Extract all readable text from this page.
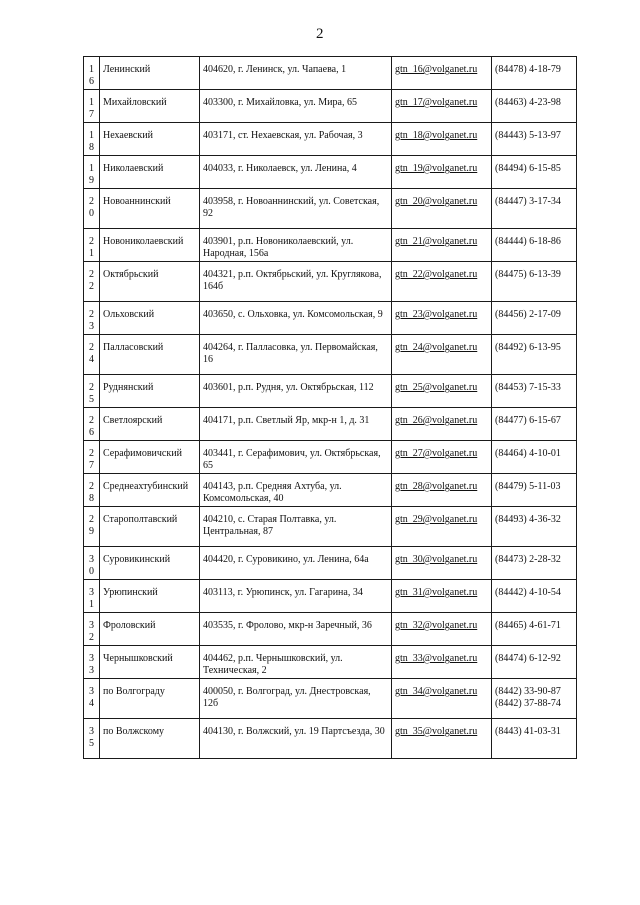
2
16	Ленинский	404620, г. Ленинск, ул. Чапаева, 1	gtn_16@volganet.ru	(84478) 4-18-79

17	Михайловский	403300, г. Михайловка, ул. Мира, 65	gtn_17@volganet.ru	(84463) 4-23-98

18	Нехаевский	403171, ст. Нехаевская, ул. Рабочая, 3	gtn_18@volganet.ru	(84443) 5-13-97

19	Николаевский	404033, г. Николаевск, ул. Ленина, 4	gtn_19@volganet.ru	(84494) 6-15-85

20	Новоаннинский	403958, г. Новоаннинский, ул. Советская, 92	gtn_20@volganet.ru	(84447) 3-17-34

21	Новониколаевский	403901, р.п. Новониколаевский, ул. Народная, 156а	gtn_21@volganet.ru	(84444) 6-18-86

22	Октябрьский	404321, р.п. Октябрьский, ул. Круглякова, 164б	gtn_22@volganet.ru	(84475) 6-13-39

23	Ольховский	403650, с. Ольховка, ул. Комсомольская, 9	gtn_23@volganet.ru	(84456) 2-17-09

24	Палласовский	404264, г. Палласовка, ул. Первомайская, 16	gtn_24@volganet.ru	(84492) 6-13-95

25	Руднянский	403601, р.п. Рудня, ул. Октябрьская, 112	gtn_25@volganet.ru	(84453) 7-15-33

26	Светлоярский	404171, р.п. Светлый Яр, мкр-н 1, д. 31	gtn_26@volganet.ru	(84477) 6-15-67

27	Серафимовичский	403441, г. Серафимович, ул. Октябрьская, 65	gtn_27@volganet.ru	(84464) 4-10-01

28	Среднеахтубинский	404143, р.п. Средняя Ахтуба, ул. Комсомольская, 40	gtn_28@volganet.ru	(84479) 5-11-03

29	Старополтавский	404210, с. Старая Полтавка, ул. Центральная, 87	gtn_29@volganet.ru	(84493) 4-36-32

30	Суровикинский	404420, г. Суровикино, ул. Ленина, 64а	gtn_30@volganet.ru	(84473) 2-28-32

31	Урюпинский	403113, г. Урюпинск, ул. Гагарина, 34	gtn_31@volganet.ru	(84442) 4-10-54

32	Фроловский	403535, г. Фролово, мкр-н Заречный, 36	gtn_32@volganet.ru	(84465) 4-61-71

33	Чернышковский	404462, р.п. Чернышковский, ул. Техническая, 2	gtn_33@volganet.ru	(84474) 6-12-92

34	по Волгограду	400050, г. Волгоград, ул. Днестровская, 12б	gtn_34@volganet.ru	(8442) 33-90-87
(8442) 37-88-74

35	по Волжскому	404130, г. Волжский, ул. 19 Партсъезда, 30	gtn_35@volganet.ru	(8443) 41-03-31
